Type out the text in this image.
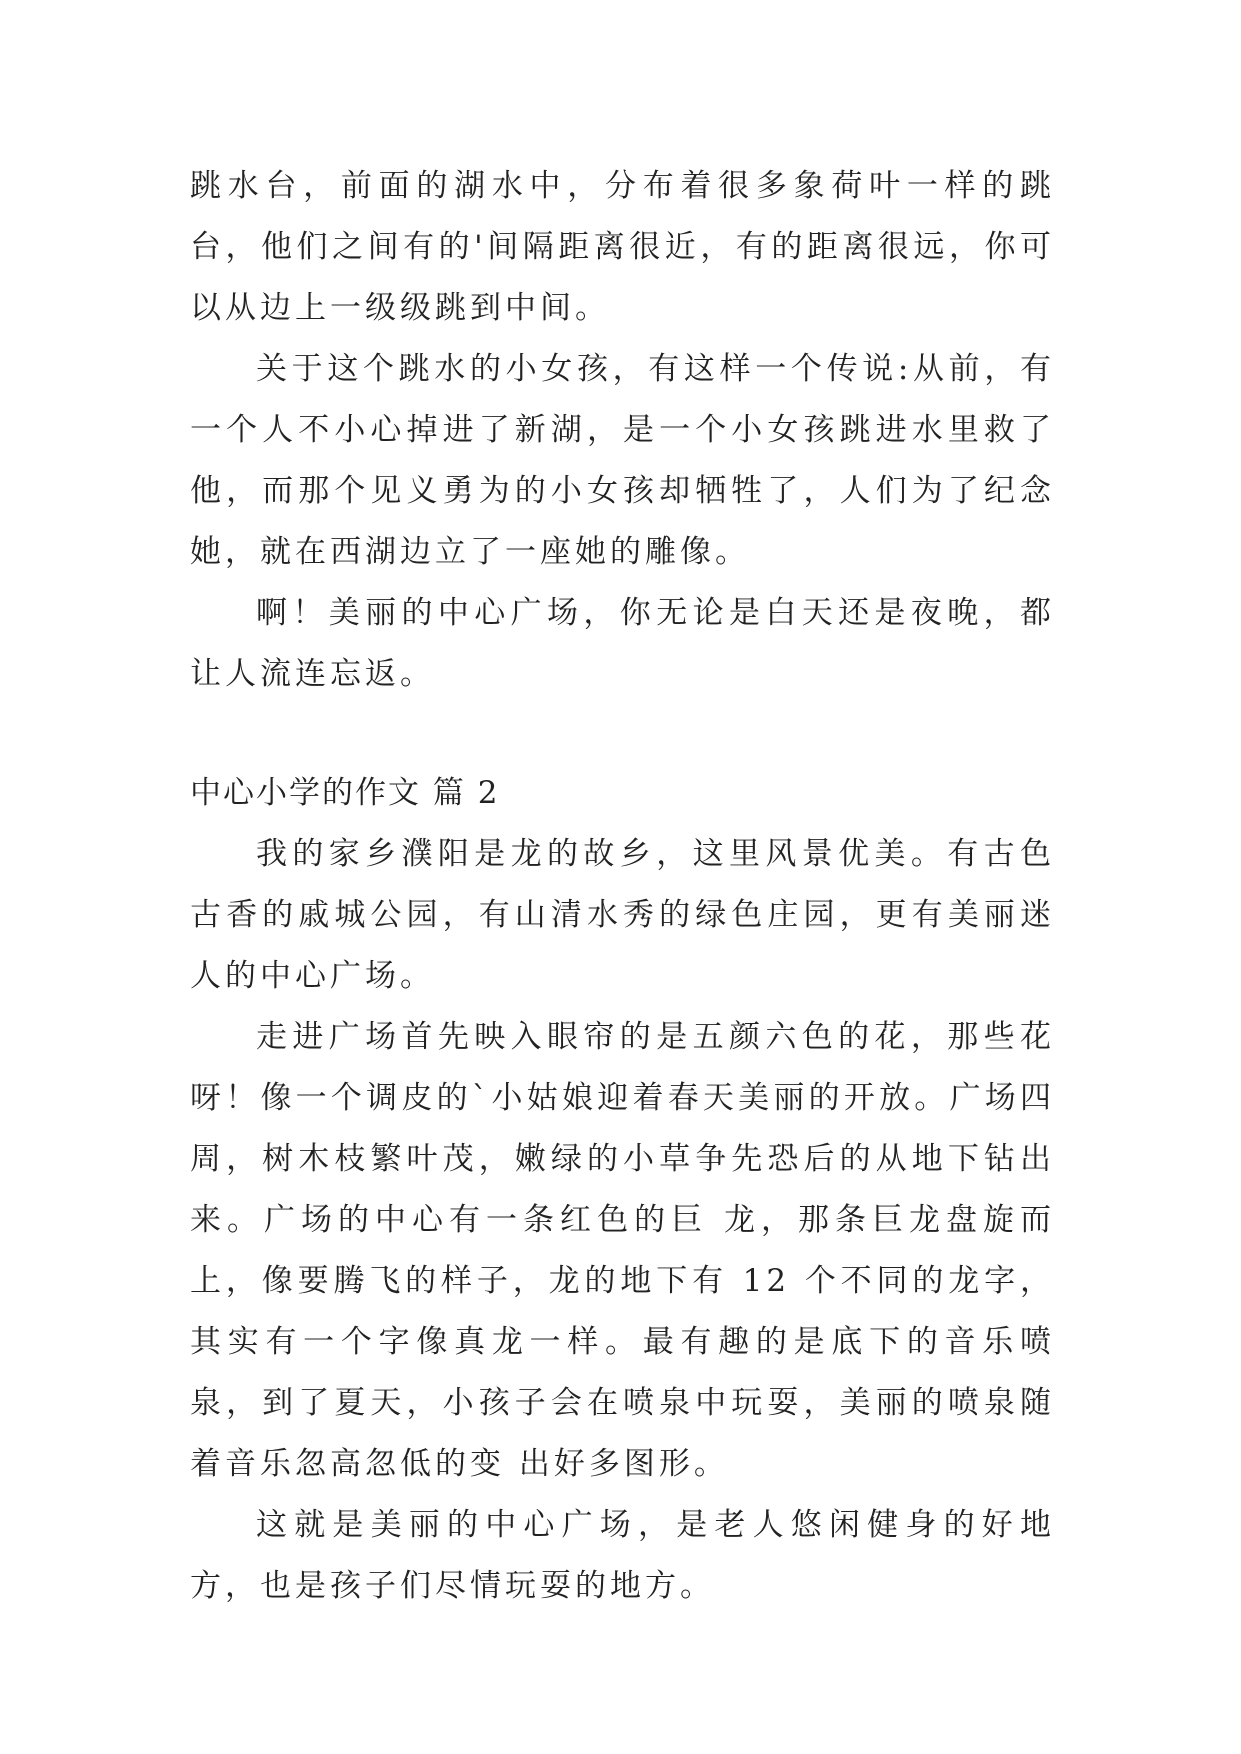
跳水台，前面的湖水中，分布着很多象荷叶一样的跳台，他们之间有的'间隔距离很近，有的距离很远，你可以从边上一级级跳到中间。

关于这个跳水的小女孩，有这样一个传说:从前，有一个人不小心掉进了新湖，是一个小女孩跳进水里救了他，而那个见义勇为的小女孩却牺牲了，人们为了纪念她，就在西湖边立了一座她的雕像。

啊！美丽的中心广场，你无论是白天还是夜晚，都让人流连忘返。

中心小学的作文 篇 2

我的家乡濮阳是龙的故乡，这里风景优美。有古色古香的戚城公园，有山清水秀的绿色庄园，更有美丽迷人的中心广场。

走进广场首先映入眼帘的是五颜六色的花，那些花呀！像一个调皮的`小姑娘迎着春天美丽的开放。广场四周，树木枝繁叶茂，嫩绿的小草争先恐后的从地下钻出来。广场的中心有一条红色的巨 龙，那条巨龙盘旋而上，像要腾飞的样子，龙的地下有 12 个不同的龙字，其实有一个字像真龙一样。最有趣的是底下的音乐喷泉，到了夏天，小孩子会在喷泉中玩耍，美丽的喷泉随着音乐忽高忽低的变 出好多图形。

这就是美丽的中心广场，是老人悠闲健身的好地方，也是孩子们尽情玩耍的地方。
